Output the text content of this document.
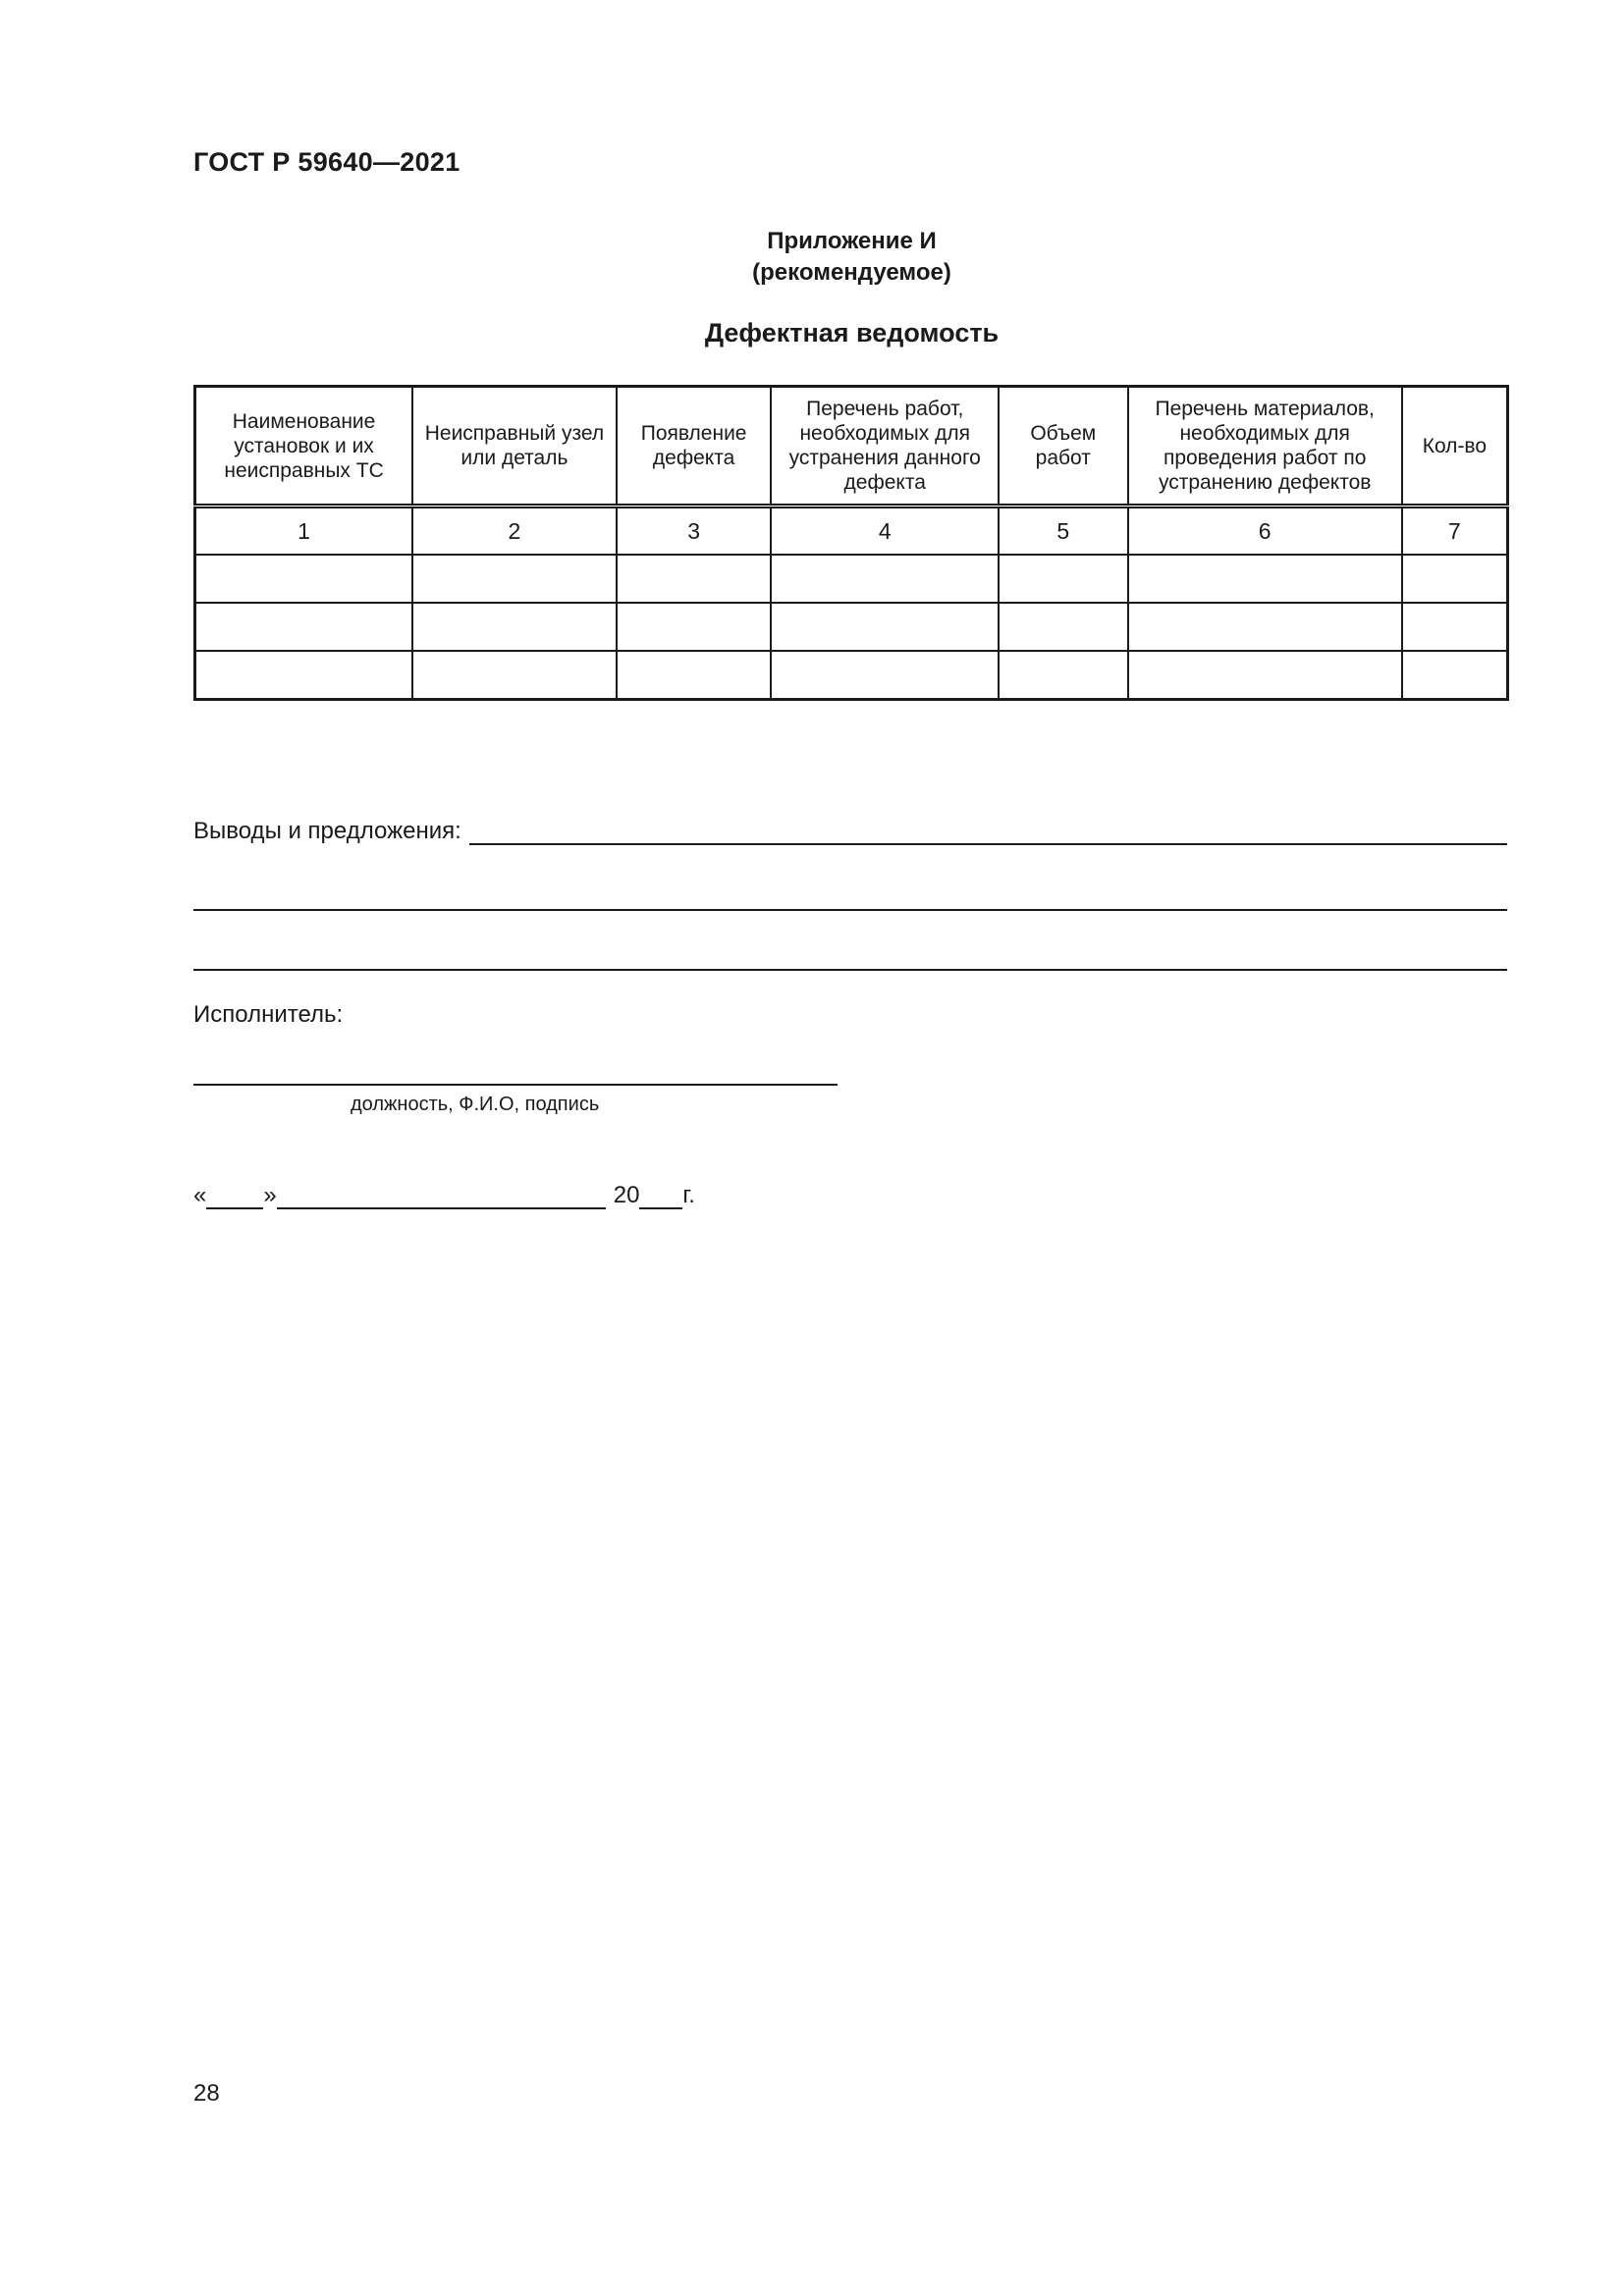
ГОСТ Р 59640—2021
Приложение И
(рекомендуемое)
Дефектная ведомость
Наименование установок и их неисправных ТС	Неисправный узел или деталь	Появление дефекта	Перечень работ, необходимых для устранения данного дефекта	Объем работ	Перечень материалов, необходимых для проведения работ по устранению дефектов	Кол-во
1	2	3	4	5	6	7

Выводы и предложения:
Исполнитель:
должность, Ф.И.О, подпись
« »	20 г.
28
